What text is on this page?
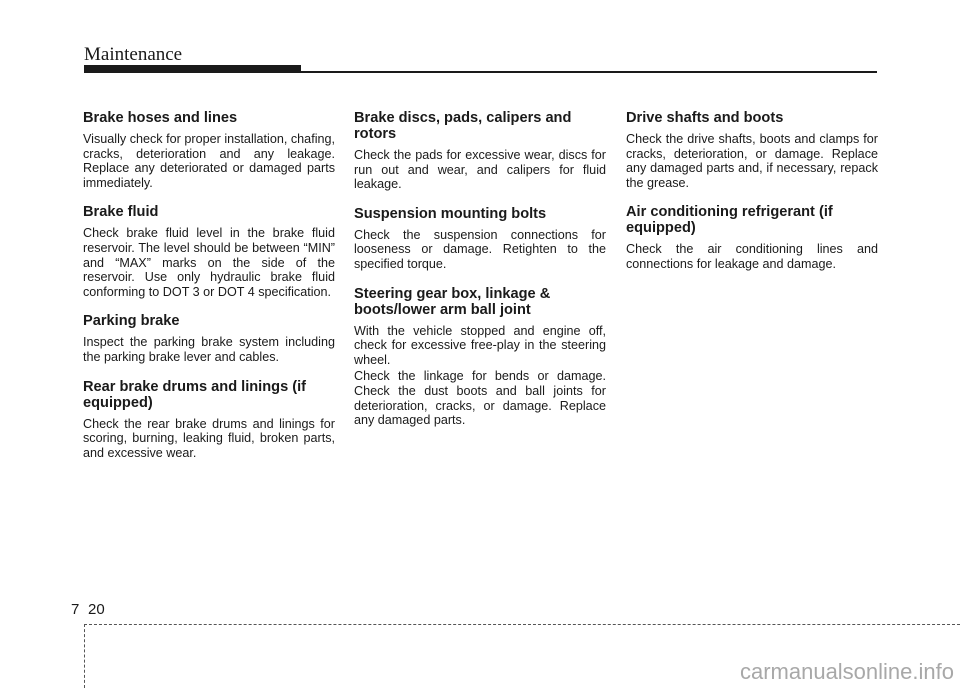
Maintenance
Brake hoses and lines

Visually check for proper installation, chafing, cracks, deterioration and any leakage. Replace any deteriorated or damaged parts immediately.

Brake fluid

Check brake fluid level in the brake fluid reservoir. The level should be between “MIN” and “MAX” marks on the side of the reservoir. Use only hydraulic brake fluid conforming to DOT 3 or DOT 4 specification.

Parking brake

Inspect the parking brake system including the parking brake lever and cables.

Rear brake drums and linings (if equipped)

Check the rear brake drums and linings for scoring, burning, leaking fluid, broken parts, and excessive wear.

Brake discs, pads, calipers and rotors

Check the pads for excessive wear, discs for run out and wear, and calipers for fluid leakage.

Suspension mounting bolts

Check the suspension connections for looseness or damage. Retighten to the specified torque.

Steering gear box, linkage & boots/lower arm ball joint

With the vehicle stopped and engine off, check for excessive free-play in the steering wheel.

Check the linkage for bends or damage. Check the dust boots and ball joints for deterioration, cracks, or damage. Replace any damaged parts.

Drive shafts and boots

Check the drive shafts, boots and clamps for cracks, deterioration, or damage. Replace any damaged parts and, if necessary, repack the grease.

Air conditioning refrigerant (if equipped)

Check the air conditioning lines and connections for leakage and damage.

7 20
carmanualsonline.info
